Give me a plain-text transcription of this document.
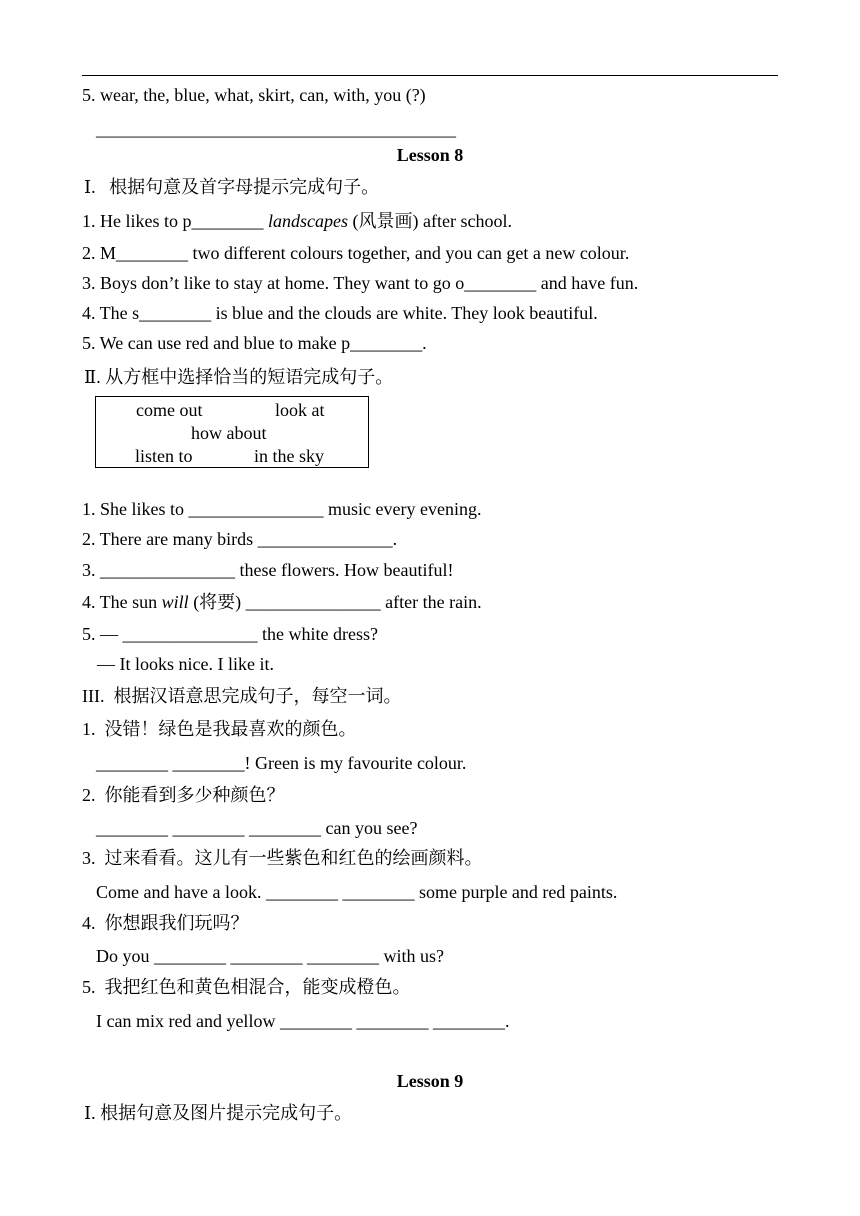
5. wear, the, blue, what, skirt, can, with, you (?)
________________________________________
Lesson 8
Ⅰ.   根据句意及首字母提示完成句子。
1. He likes to p________ landscapes (风景画) after school.
2. M________ two different colours together, and you can get a new colour.
3. Boys don’t like to stay at home. They want to go o________ and have fun.
4. The s________ is blue and the clouds are white. They look beautiful.
5. We can use red and blue to make p________.
Ⅱ. 从方框中选择恰当的短语完成句子。
come out	look at
how about
listen to	in the sky
1. She likes to _______________ music every evening.
2. There are many birds _______________.
3. _______________ these flowers. How beautiful!
4. The sun will (将要) _______________ after the rain.
5. — _______________ the white dress?
— It looks nice. I like it.
III.  根据汉语意思完成句子，每空一词。
1.  没错！绿色是我最喜欢的颜色。
________ ________! Green is my favourite colour.
2.  你能看到多少种颜色？
________ ________ ________ can you see?
3.  过来看看。这儿有一些紫色和红色的绘画颜料。
Come and have a look. ________ ________ some purple and red paints.
4.  你想跟我们玩吗？
Do you ________ ________ ________ with us?
5.  我把红色和黄色相混合，能变成橙色。
I can mix red and yellow ________ ________ ________.
Lesson 9
Ⅰ. 根据句意及图片提示完成句子。
